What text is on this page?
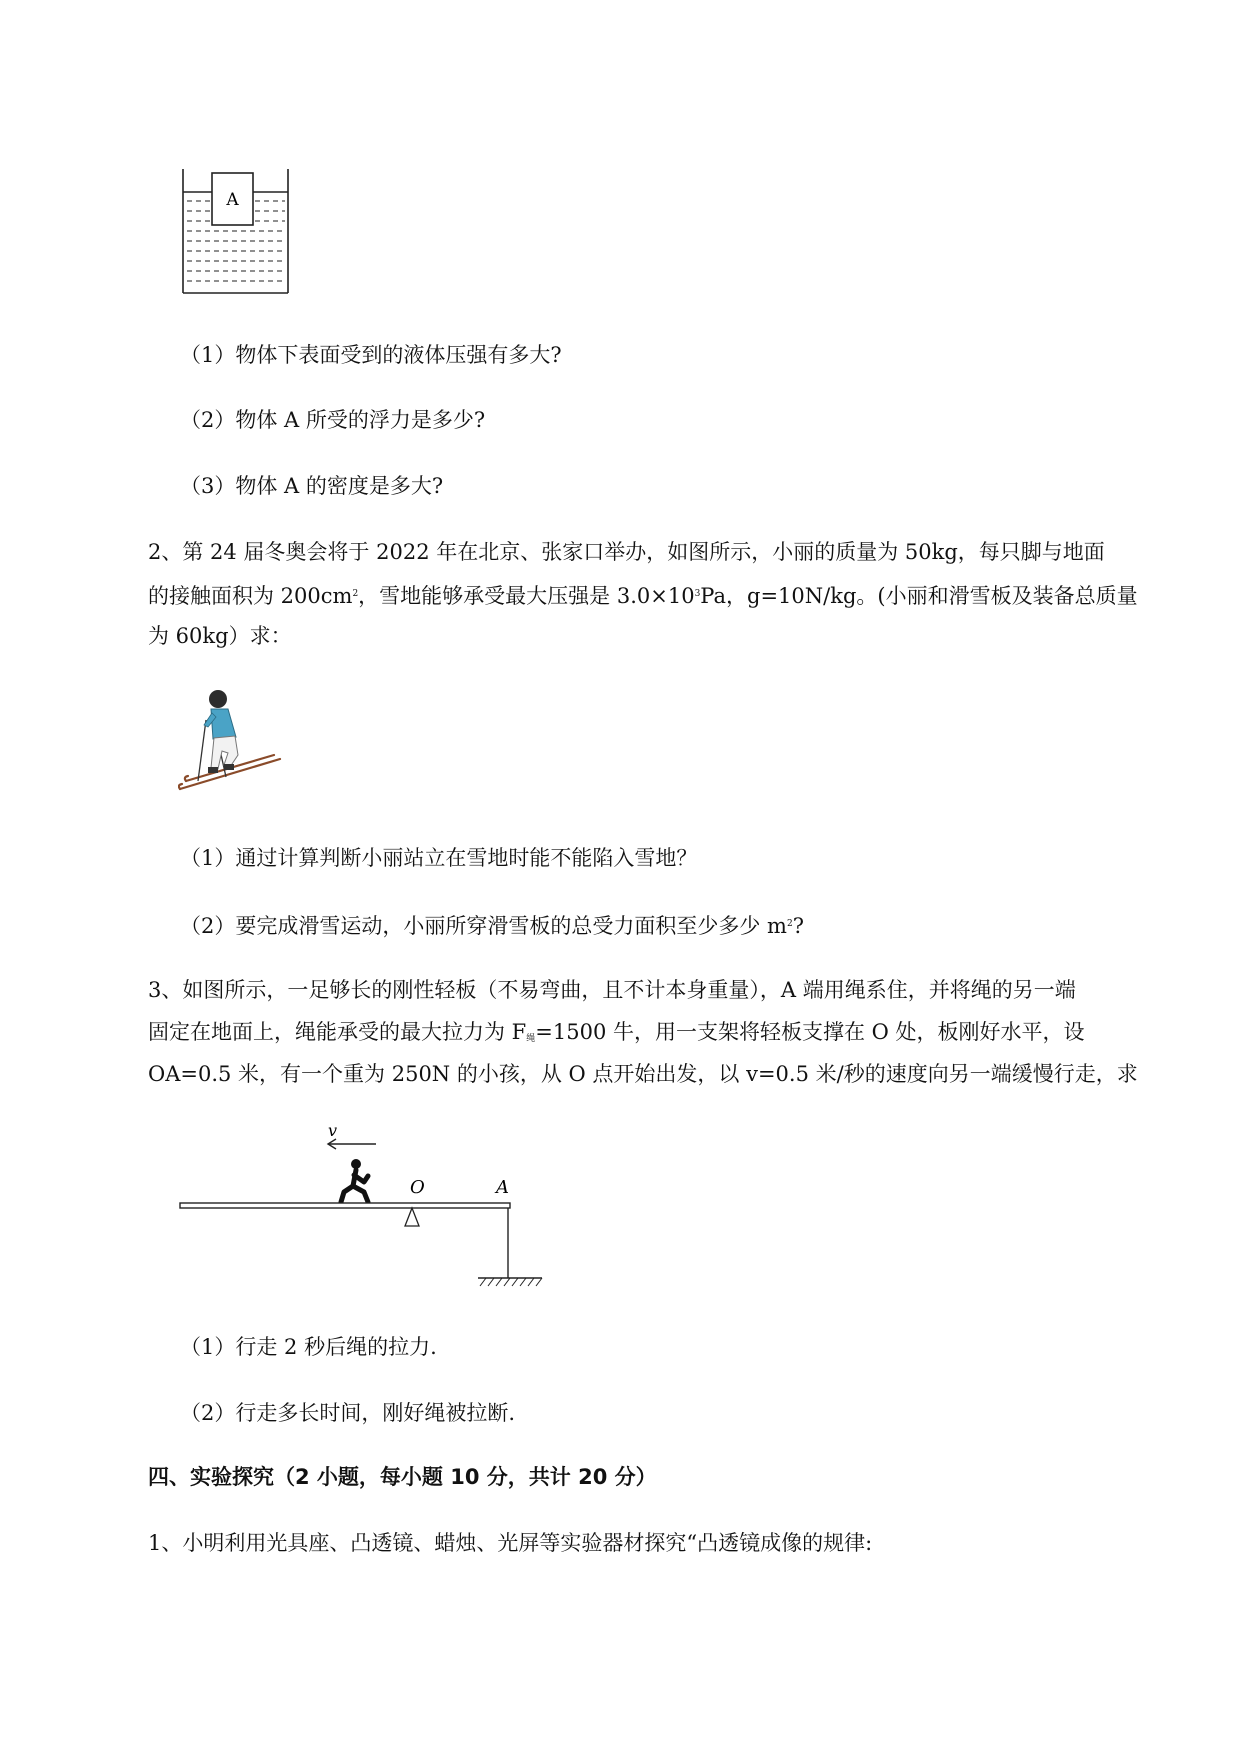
A
（1）物体下表面受到的液体压强有多大?
（2）物体 A 所受的浮力是多少?
（3）物体 A 的密度是多大?
2、第 24 届冬奥会将于 2022 年在北京、张家口举办，如图所示，小丽的质量为 50kg，每只脚与地面
的接触面积为 $200cm^2$，雪地能够承受最大压强是 $3.0\times 10^3Pa$，g=10N/kg。(小丽和滑雪板及装备总质量
为 60kg）求：
（1）通过计算判断小丽站立在雪地时能不能陷入雪地？
（2）要完成滑雪运动，小丽所穿滑雪板的总受力面积至少多少 $m^2$?
3、如图所示，一足够长的刚性轻板（不易弯曲，且不计本身重量），A 端用绳系住，并将绳的另一端
固定在地面上，绳能承受的最大拉力为 $F_绳=1500$ 牛，用一支架将轻板支撑在 O 处，板刚好水平，设
OA=0.5 米，有一个重为 250N 的小孩，从 O 点开始出发，以 v=0.5 米/秒的速度向另一端缓慢行走，求
v
O	A
（1）行走 2 秒后绳的拉力.
（2）行走多长时间，刚好绳被拉断.
四、实验探究（2 小题，每小题 10 分，共计 20 分）
1、小明利用光具座、凸透镜、蜡烛、光屏等实验器材探究“凸透镜成像的规律:
